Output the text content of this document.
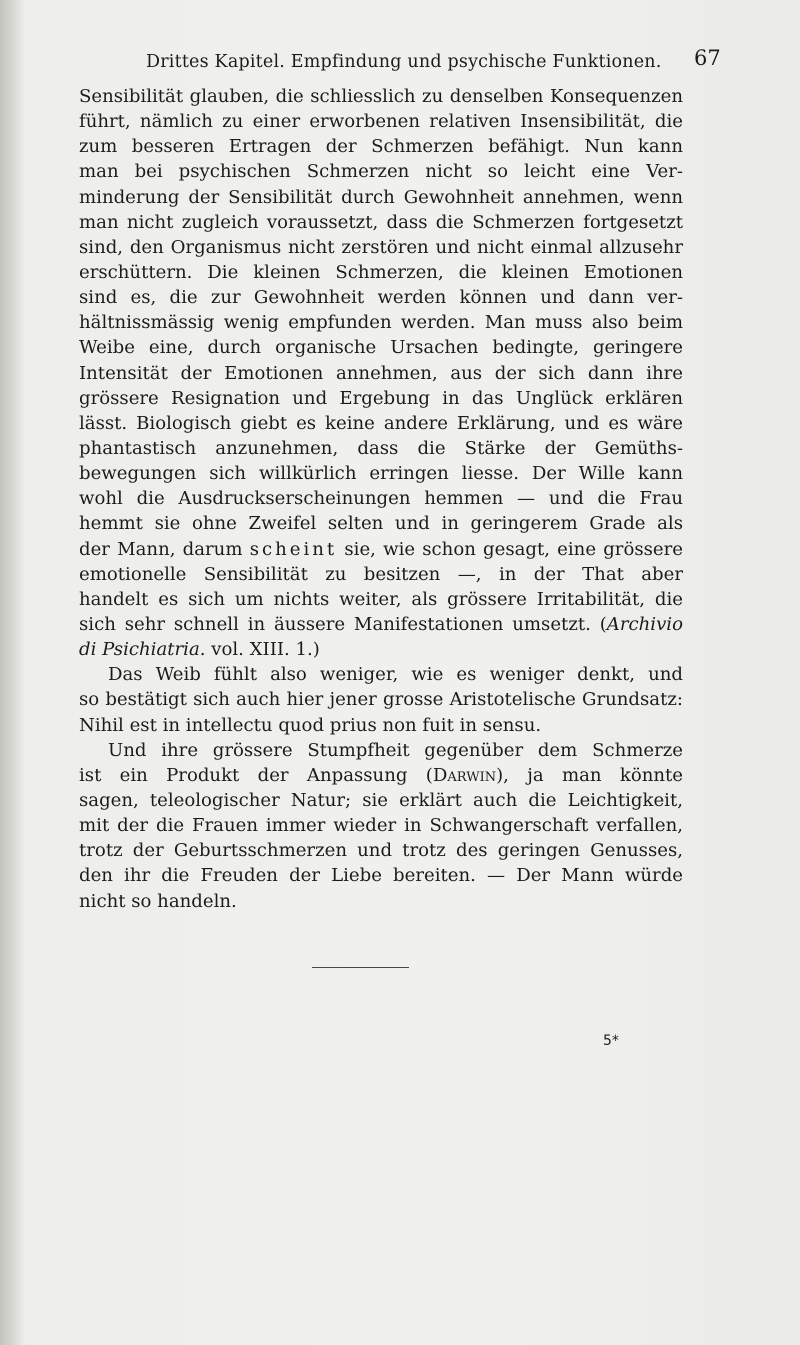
Drittes Kapitel. Empfindung und psychische Funktionen.	67
Sensibilität glauben, die schliesslich zu denselben Konsequenzen
führt, nämlich zu einer erworbenen relativen Insensibilität, die
zum besseren Ertragen der Schmerzen befähigt. Nun kann
man bei psychischen Schmerzen nicht so leicht eine Ver-
minderung der Sensibilität durch Gewohnheit annehmen, wenn
man nicht zugleich voraussetzt, dass die Schmerzen fortgesetzt
sind, den Organismus nicht zerstören und nicht einmal allzusehr
erschüttern. Die kleinen Schmerzen, die kleinen Emotionen
sind es, die zur Gewohnheit werden können und dann ver-
hältnissmässig wenig empfunden werden. Man muss also beim
Weibe eine, durch organische Ursachen bedingte, geringere
Intensität der Emotionen annehmen, aus der sich dann ihre
grössere Resignation und Ergebung in das Unglück erklären
lässt. Biologisch giebt es keine andere Erklärung, und es wäre
phantastisch anzunehmen, dass die Stärke der Gemüths-
bewegungen sich willkürlich erringen liesse. Der Wille kann
wohl die Ausdruckserscheinungen hemmen — und die Frau
hemmt sie ohne Zweifel selten und in geringerem Grade als
der Mann, darum scheint sie, wie schon gesagt, eine grössere
emotionelle Sensibilität zu besitzen —, in der That aber
handelt es sich um nichts weiter, als grössere Irritabilität, die
sich sehr schnell in äussere Manifestationen umsetzt. (Archivio
di Psichiatria. vol. XIII. 1.)
Das Weib fühlt also weniger, wie es weniger denkt, und
so bestätigt sich auch hier jener grosse Aristotelische Grundsatz:
Nihil est in intellectu quod prius non fuit in sensu.
Und ihre grössere Stumpfheit gegenüber dem Schmerze
ist ein Produkt der Anpassung (Darwin), ja man könnte
sagen, teleologischer Natur; sie erklärt auch die Leichtigkeit,
mit der die Frauen immer wieder in Schwangerschaft verfallen,
trotz der Geburtsschmerzen und trotz des geringen Genusses,
den ihr die Freuden der Liebe bereiten. — Der Mann würde
nicht so handeln.
5*
